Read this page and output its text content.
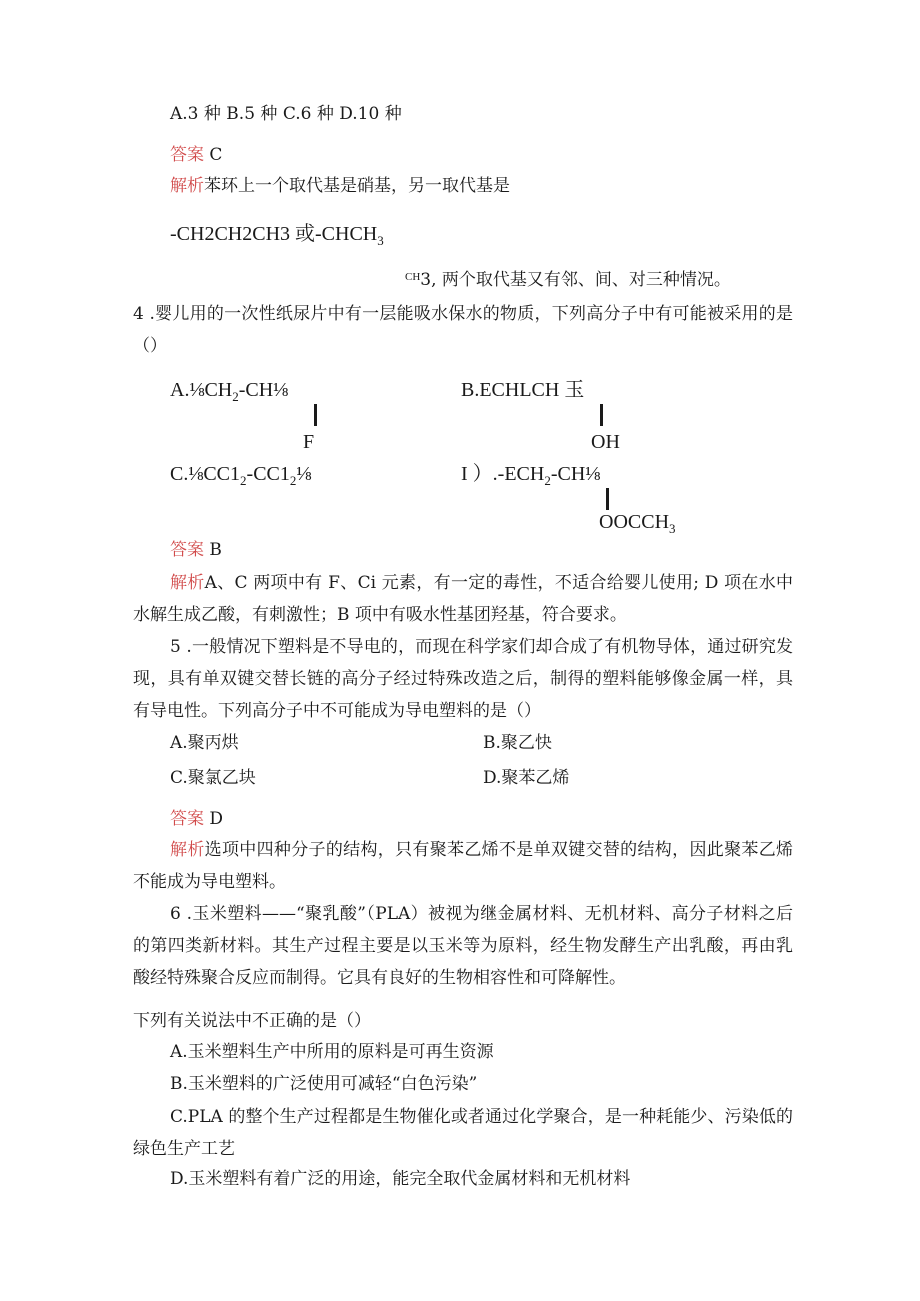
A.3 种 B.5 种 C.6 种 D.10 种
答案 C
解析苯环上一个取代基是硝基，另一取代基是
-CH2CH2CH3 或$-CHCH_3$
$^{CH}$3, 两个取代基又有邻、间、对三种情况。
4 .婴儿用的一次性纸尿片中有一层能吸水保水的物质，下列高分子中有可能被采用的是（）
$A.\frac{1}{8}CH_2$-CH⅛
F
B.ECHLCH 玉
OH
$C.\frac{1}{8}CC1_2-CC1_2\frac{1}{8}$	I ）$.-ECH_2$-CH⅛
$OOCCH_3$
答案 B
解析A、C 两项中有 F、Ci 元素，有一定的毒性，不适合给婴儿使用; D 项在水中水解生成乙酸，有刺激性；B 项中有吸水性基团羟基，符合要求。
5 .一般情况下塑料是不导电的，而现在科学家们却合成了有机物导体，通过研究发现，具有单双键交替长链的高分子经过特殊改造之后，制得的塑料能够像金属一样，具有导电性。下列高分子中不可能成为导电塑料的是（）
A.聚丙烘	B.聚乙快
C.聚氯乙块	D.聚苯乙烯
答案 D
解析选项中四种分子的结构，只有聚苯乙烯不是单双键交替的结构，因此聚苯乙烯不能成为导电塑料。
6 .玉米塑料——“聚乳酸”（PLA）被视为继金属材料、无机材料、高分子材料之后的第四类新材料。其生产过程主要是以玉米等为原料，经生物发酵生产出乳酸，再由乳酸经特殊聚合反应而制得。它具有良好的生物相容性和可降解性。
下列有关说法中不正确的是（）
A.玉米塑料生产中所用的原料是可再生资源
B.玉米塑料的广泛使用可减轻“白色污染”
C.PLA 的整个生产过程都是生物催化或者通过化学聚合，是一种耗能少、污染低的绿色生产工艺
D.玉米塑料有着广泛的用途，能完全取代金属材料和无机材料
